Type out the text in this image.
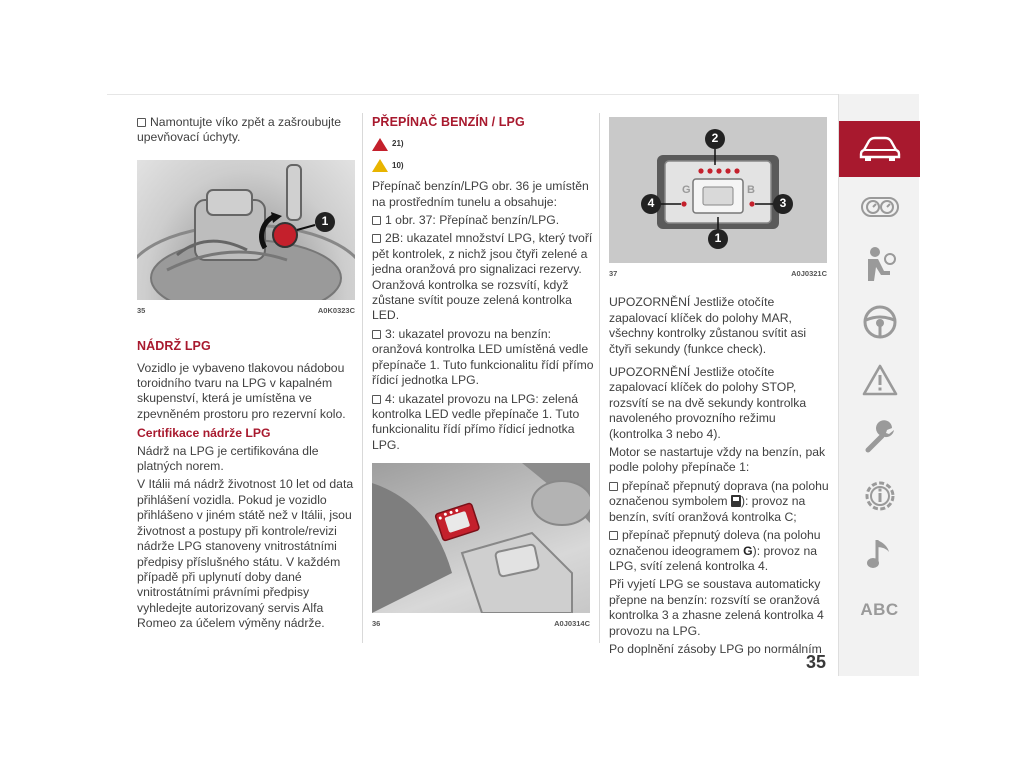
Namontujte víko zpět a zašroubujte upevňovací úchyty.

1
35	A0K0323C
NÁDRŽ LPG

Vozidlo je vybaveno tlakovou nádobou toroidního tvaru na LPG v kapalném skupenství, která je umístěna ve zpevněném prostoru pro rezervní kolo.

Certifikace nádrže LPG

Nádrž na LPG je certifikována dle platných norem.

V Itálii má nádrž životnost 10 let od data přihlášení vozidla. Pokud je vozidlo přihlášeno v jiném státě než v Itálii, jsou životnost a postupy při kontrole/revizi nádrže LPG stanoveny vnitrostátními předpisy příslušného státu. V každém případě při uplynutí doby dané vnitrostátními právními předpisy vyhledejte autorizovaný servis Alfa Romeo za účelem výměny nádrže.

PŘEPÍNAČ BENZÍN / LPG
21)
10)

Přepínač benzín/LPG obr. 36 je umístěn na prostředním tunelu a obsahuje:

1 obr. 37: Přepínač benzín/LPG.

2B: ukazatel množství LPG, který tvoří pět kontrolek, z nichž jsou čtyři zelené a jedna oranžová pro signalizaci rezervy. Oranžová kontrolka se rozsvítí, když zůstane svítit pouze zelená kontrolka LED.

3: ukazatel provozu na benzín: oranžová kontrolka LED umístěná vedle přepínače 1. Tuto funkcionalitu řídí přímo řídicí jednotka LPG.

4: ukazatel provozu na LPG: zelená kontrolka LED vedle přepínače 1. Tuto funkcionalitu řídí přímo řídicí jednotka LPG.

36	A0J0314C
G	B
2
4	3
1
37	A0J0321C

UPOZORNĚNÍ Jestliže otočíte zapalovací klíček do polohy MAR, všechny kontrolky zůstanou svítit asi čtyři sekundy (funkce check).

UPOZORNĚNÍ Jestliže otočíte zapalovací klíček do polohy STOP, rozsvítí se na dvě sekundy kontrolka navoleného provozního režimu (kontrolka 3 nebo 4).

Motor se nastartuje vždy na benzín, pak podle polohy přepínače 1:

přepínač přepnutý doprava (na polohu označenou symbolem ): provoz na benzín, svítí oranžová kontrolka C;

přepínač přepnutý doleva (na polohu označenou ideogramem G): provoz na LPG, svítí zelená kontrolka 4.

Při vyjetí LPG se soustava automaticky přepne na benzín: rozsvítí se oranžová kontrolka 3 a zhasne zelená kontrolka 4 provozu na LPG.

Po doplnění zásoby LPG po normálním

ABC
35
